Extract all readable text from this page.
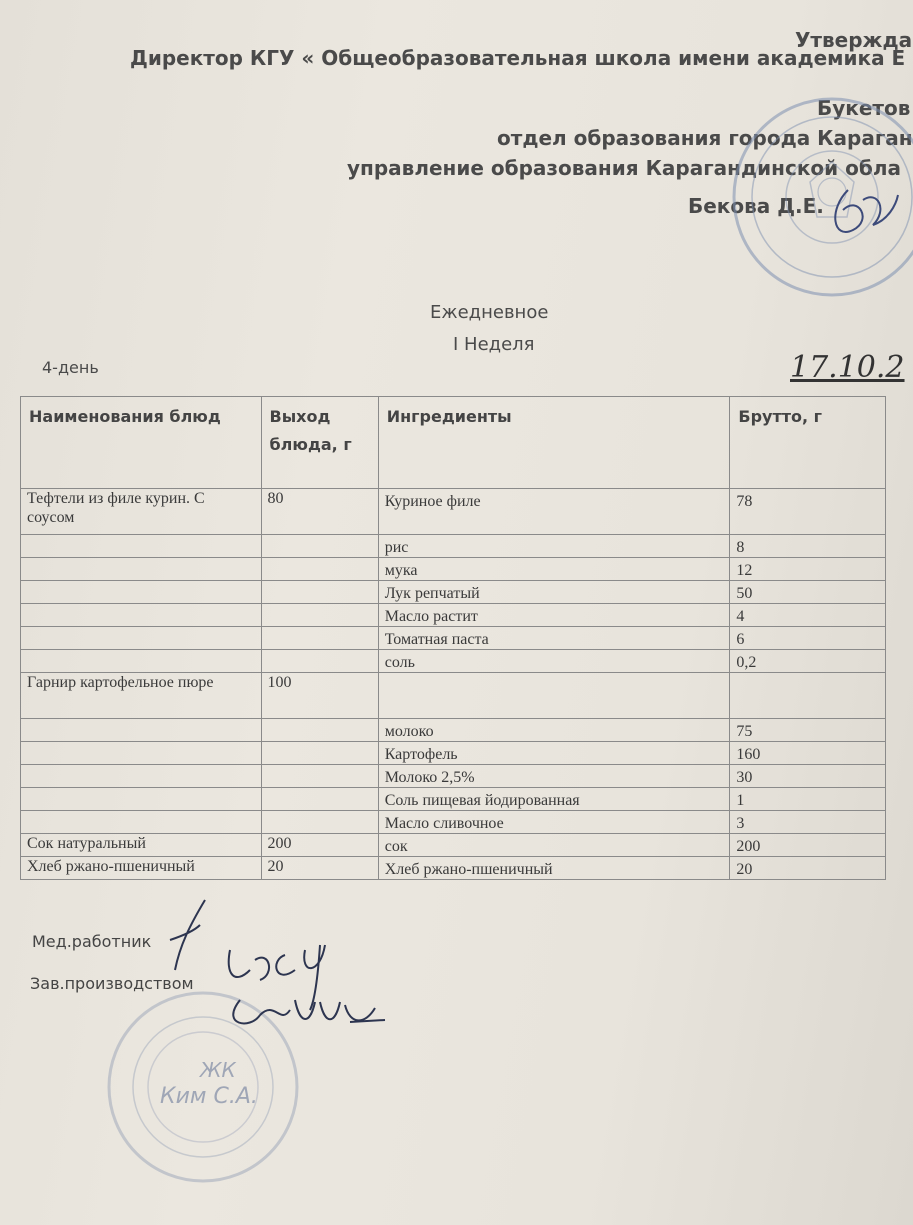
Утвержда
Директор КГУ « Общеобразовательная школа имени академика Е
Букетов
отдел образования города Караган
управление образования Карагандинской обла
Бекова Д.Е.
Ежедневное
I Неделя
4-день	17.10.2
Наименования блюд	Выход блюда, г	Ингредиенты	Брутто, г
Тефтели из филе курин. С соусом	80	Куриное филе	78
		рис	8
		мука	12
		Лук репчатый	50
		Масло растит	4
		Томатная паста	6
		соль	0,2
Гарнир картофельное пюре	100		
		молоко	75
		Картофель	160
		Молоко 2,5%	30
		Соль пищевая йодированная	1
		Масло сливочное	3
Сок натуральный	200	сок	200
Хлеб ржано-пшеничный	20	Хлеб ржано-пшеничный	20
Мед.работник
Зав.производством
ЖК
Ким С.А.
